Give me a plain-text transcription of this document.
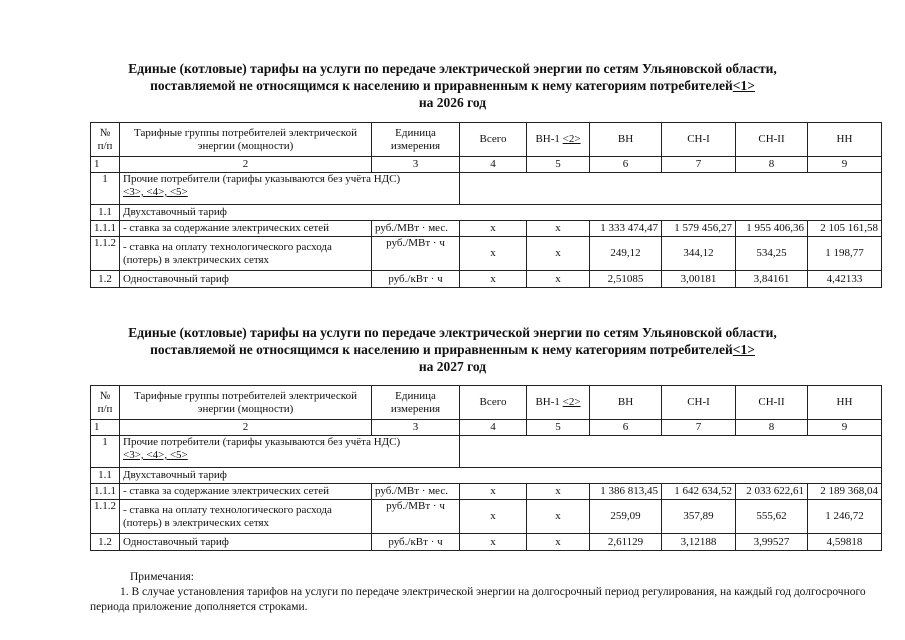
Единые (котловые) тарифы на услуги по передаче электрической энергии по сетям Ульяновской области,
поставляемой не относящимся к населению и приравненным к нему категориям потребителей<1>
на 2026 год
№
п/п	Тарифные группы потребителей электрической энергии (мощности)	Единица измерения	Всего	ВН-1 <2>	ВН	СН-I	СН-II	НН
1	2	3	4	5	6	7	8	9
1	Прочие потребители (тарифы указываются без учёта НДС)
<3>, <4>, <5>							
1.1	Двухставочный тариф							
1.1.1	- ставка за содержание электрических сетей	руб./МВт · мес.	х	х	1 333 474,47	1 579 456,27	1 955 406,36	2 105 161,58
1.1.2	- ставка на оплату технологического расхода (потерь) в электрических сетях	руб./МВт · ч	х	х	249,12	344,12	534,25	1 198,77
1.2	Одноставочный тариф	руб./кВт · ч	х	х	2,51085	3,00181	3,84161	4,42133
Единые (котловые) тарифы на услуги по передаче электрической энергии по сетям Ульяновской области,
поставляемой не относящимся к населению и приравненным к нему категориям потребителей<1>
на 2027 год
№
п/п	Тарифные группы потребителей электрической энергии (мощности)	Единица измерения	Всего	ВН-1 <2>	ВН	СН-I	СН-II	НН
1	2	3	4	5	6	7	8	9
1	Прочие потребители (тарифы указываются без учёта НДС)
<3>, <4>, <5>							
1.1	Двухставочный тариф							
1.1.1	- ставка за содержание электрических сетей	руб./МВт · мес.	х	х	1 386 813,45	1 642 634,52	2 033 622,61	2 189 368,04
1.1.2	- ставка на оплату технологического расхода (потерь) в электрических сетях	руб./МВт · ч	х	х	259,09	357,89	555,62	1 246,72
1.2	Одноставочный тариф	руб./кВт · ч	х	х	2,61129	3,12188	3,99527	4,59818

Примечания:

1. В случае установления тарифов на услуги по передаче электрической энергии на долгосрочный период регулирования, на каждый год долгосрочного периода приложение дополняется строками.
